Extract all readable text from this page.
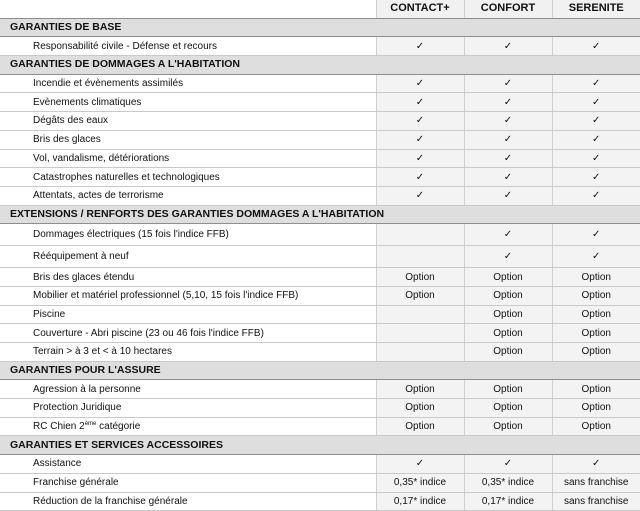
	CONTACT+	CONFORT	SERENITE
GARANTIES DE BASE			
Responsabilité civile - Défense et recours	✓	✓	✓
GARANTIES DE DOMMAGES A L'HABITATION			
Incendie et évènements assimilés	✓	✓	✓
Evènements climatiques	✓	✓	✓
Dégâts des eaux	✓	✓	✓
Bris des glaces	✓	✓	✓
Vol, vandalisme, détériorations	✓	✓	✓
Catastrophes naturelles et technologiques	✓	✓	✓
Attentats, actes de terrorisme	✓	✓	✓
EXTENSIONS / RENFORTS DES GARANTIES DOMMAGES A L'HABITATION			
Dommages électriques (15 fois l'indice FFB)		✓	✓
Rééquipement à neuf		✓	✓
Bris des glaces étendu	Option	Option	Option
Mobilier et matériel professionnel (5,10, 15 fois l'indice FFB)	Option	Option	Option
Piscine		Option	Option
Couverture - Abri piscine (23 ou 46 fois l'indice FFB)		Option	Option
Terrain > à 3 et < à 10 hectares		Option	Option
GARANTIES POUR L'ASSURE			
Agression à la personne	Option	Option	Option
Protection Juridique	Option	Option	Option
RC Chien 2ème catégorie	Option	Option	Option
GARANTIES ET SERVICES ACCESSOIRES			
Assistance	✓	✓	✓
Franchise générale	0,35* indice	0,35* indice	sans franchise
Réduction de la franchise générale	0,17* indice	0,17* indice	sans franchise
